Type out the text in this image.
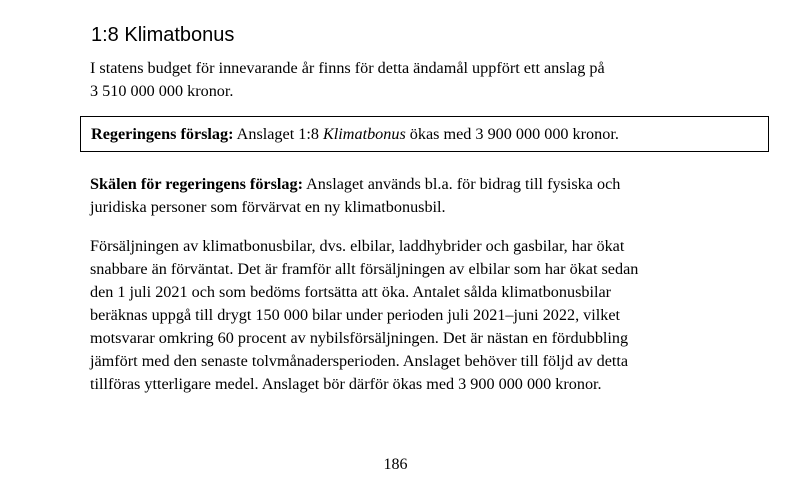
1:8 Klimatbonus

I statens budget för innevarande år finns för detta ändamål uppfört ett anslag på
3 510 000 000 kronor.

Regeringens förslag: Anslaget 1:8 Klimatbonus ökas med 3 900 000 000 kronor.

Skälen för regeringens förslag: Anslaget används bl.a. för bidrag till fysiska och
juridiska personer som förvärvat en ny klimatbonusbil.

Försäljningen av klimatbonusbilar, dvs. elbilar, laddhybrider och gasbilar, har ökat
snabbare än förväntat. Det är framför allt försäljningen av elbilar som har ökat sedan
den 1 juli 2021 och som bedöms fortsätta att öka. Antalet sålda klimatbonusbilar
beräknas uppgå till drygt 150 000 bilar under perioden juli 2021–juni 2022, vilket
motsvarar omkring 60 procent av nybilsförsäljningen. Det är nästan en fördubbling
jämfört med den senaste tolvmånadersperioden. Anslaget behöver till följd av detta
tillföras ytterligare medel. Anslaget bör därför ökas med 3 900 000 000 kronor.

186
